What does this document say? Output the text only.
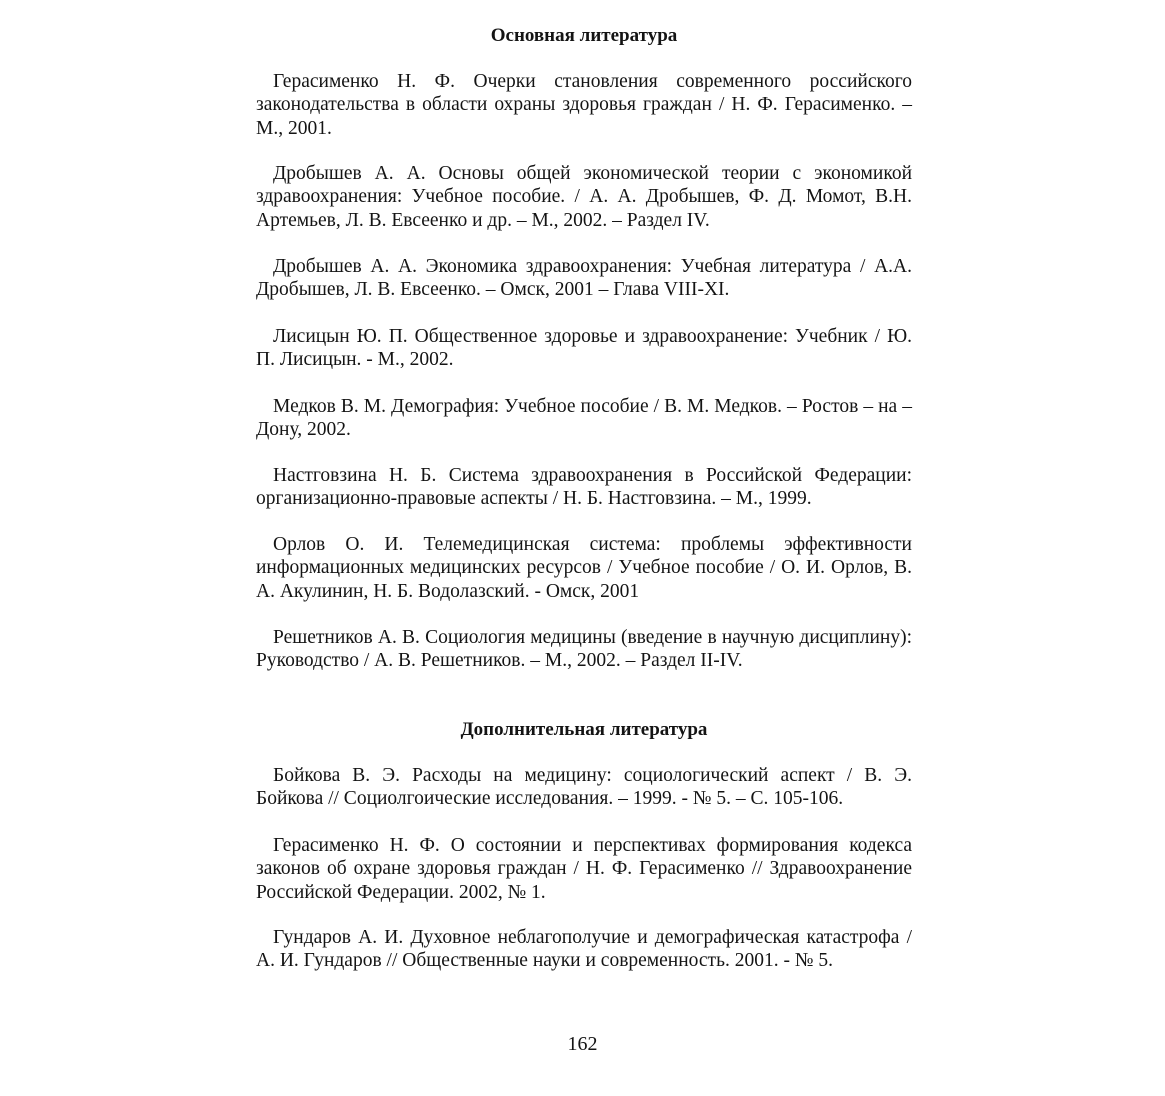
Основная литература

Герасименко Н. Ф. Очерки становления современного российского законодательства в области охраны здоровья граждан / Н. Ф. Герасименко. – М., 2001.

Дробышев А. А. Основы общей экономической теории с экономикой здравоохранения: Учебное пособие. / А. А. Дробышев, Ф. Д. Момот, В.Н. Артемьев, Л. В. Евсеенко и др. – М., 2002. – Раздел IV.

Дробышев А. А. Экономика здравоохранения: Учебная литература / А.А. Дробышев, Л. В. Евсеенко. – Омск, 2001 – Глава VIII-XI.

Лисицын Ю. П. Общественное здоровье и здравоохранение: Учебник / Ю. П. Лисицын. - М., 2002.

Медков В. М. Демография: Учебное пособие / В. М. Медков. – Ростов – на – Дону, 2002.

Настговзина Н. Б. Система здравоохранения в Российской Федерации: организационно-правовые аспекты / Н. Б. Настговзина. – М., 1999.

Орлов О. И. Телемедицинская система: проблемы эффективности информационных медицинских ресурсов / Учебное пособие / О. И. Орлов, В. А. Акулинин, Н. Б. Водолазский. - Омск, 2001

Решетников А. В. Социология медицины (введение в научную дисциплину): Руководство / А. В. Решетников. – М., 2002. – Раздел II-IV.

Дополнительная литература

Бойкова В. Э. Расходы на медицину: социологический аспект / В. Э. Бойкова // Социолгоические исследования. – 1999. - № 5. – С. 105-106.

Герасименко Н. Ф. О состоянии и перспективах формирования кодекса законов об охране здоровья граждан / Н. Ф. Герасименко // Здравоохранение Российской Федерации. 2002, № 1.

Гундаров А. И. Духовное неблагополучие и демографическая катастрофа / А. И. Гундаров // Общественные науки и современность. 2001. - № 5.

162
